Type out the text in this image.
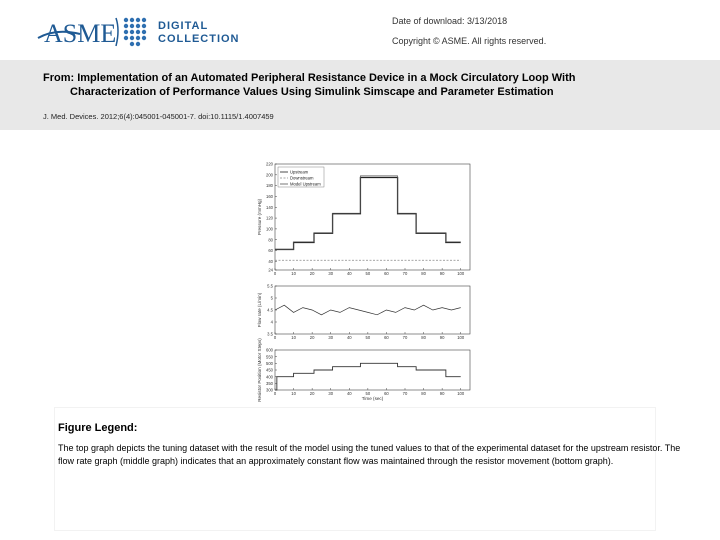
ASME	DIGITAL
COLLECTION
Date of download: 3/13/2018
Copyright © ASME. All rights reserved.
From: Implementation of an Automated Peripheral Resistance Device in a Mock Circulatory Loop With
Characterization of Performance Values Using Simulink Simscape and Parameter Estimation
J. Med. Devices. 2012;6(4):045001-045001-7. doi:10.1115/1.4007459
220
200
180
160
140
120
100
80
60
40
24
0	10	20	30	40	50	60	70	80	90	100
Pressure (mmHg)
Upstream
Downstream
Model Upstream
5.5
5
4.5
4
3.5
0	10	20	30	40	50	60	70	80	90	100
Flow rate (L/min)
600
550
500
450
400
350
300
0	10	20	30	40	50	60	70	80	90	100
Resistor Position (Motor Steps)	Time (sec)
Figure Legend:
The top graph depicts the tuning dataset with the result of the model using the tuned values to that of the experimental dataset for the upstream resistor. The flow rate graph (middle graph) indicates that an approximately constant flow was maintained through the resistor movement (bottom graph).
